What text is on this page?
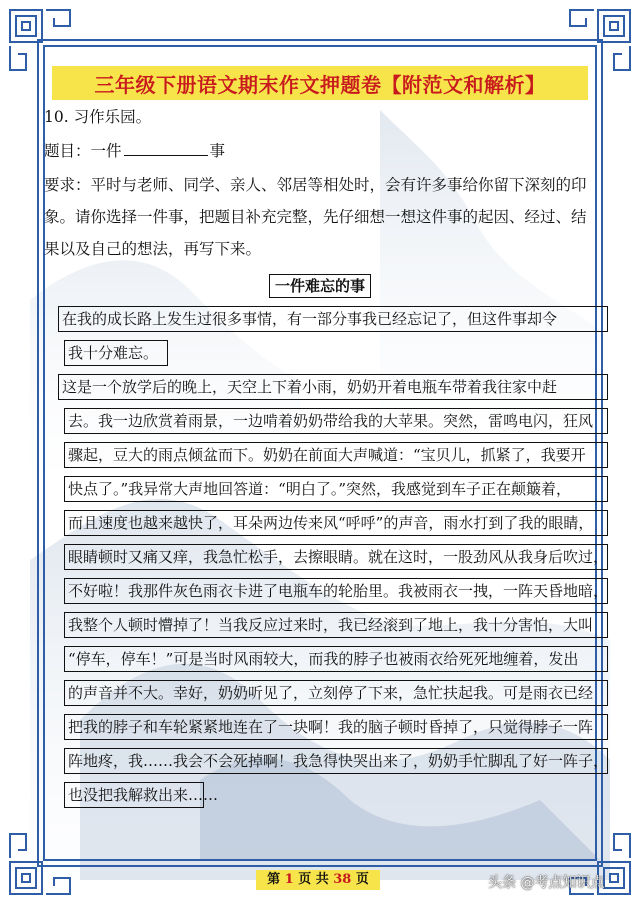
三年级下册语文期末作文押题卷【附范文和解析】
10. 习作乐园。
题目：一件	事
要求：平时与老师、同学、亲人、邻居等相处时，会有许多事给你留下深刻的印
象。请你选择一件事，把题目补充完整，先仔细想一想这件事的起因、经过、结
果以及自己的想法，再写下来。
一件难忘的事
在我的成长路上发生过很多事情，有一部分事我已经忘记了，但这件事却令
我十分难忘。
这是一个放学后的晚上，天空上下着小雨，奶奶开着电瓶车带着我往家中赶
去。我一边欣赏着雨景，一边啃着奶奶带给我的大苹果。突然，雷鸣电闪，狂风
骤起，豆大的雨点倾盆而下。奶奶在前面大声喊道：“宝贝儿，抓紧了，我要开
快点了。”我异常大声地回答道：“明白了。”突然，我感觉到车子正在颠簸着，
而且速度也越来越快了，耳朵两边传来风“呼呼”的声音，雨水打到了我的眼睛，
眼睛顿时又痛又痒，我急忙松手，去擦眼睛。就在这时，一股劲风从我身后吹过，
不好啦！我那件灰色雨衣卡进了电瓶车的轮胎里。我被雨衣一拽，一阵天昏地暗，
我整个人顿时懵掉了！当我反应过来时，我已经滚到了地上，我十分害怕，大叫
“停车，停车！”可是当时风雨较大，而我的脖子也被雨衣给死死地缠着，发出
的声音并不大。幸好，奶奶听见了，立刻停了下来，急忙扶起我。可是雨衣已经
把我的脖子和车轮紧紧地连在了一块啊！我的脑子顿时昏掉了，只觉得脖子一阵
阵地疼，我……我会不会死掉啊！我急得快哭出来了，奶奶手忙脚乱了好一阵子，
也没把我解救出来……
第 1 页 共 38 页	头条 @考点知识点
